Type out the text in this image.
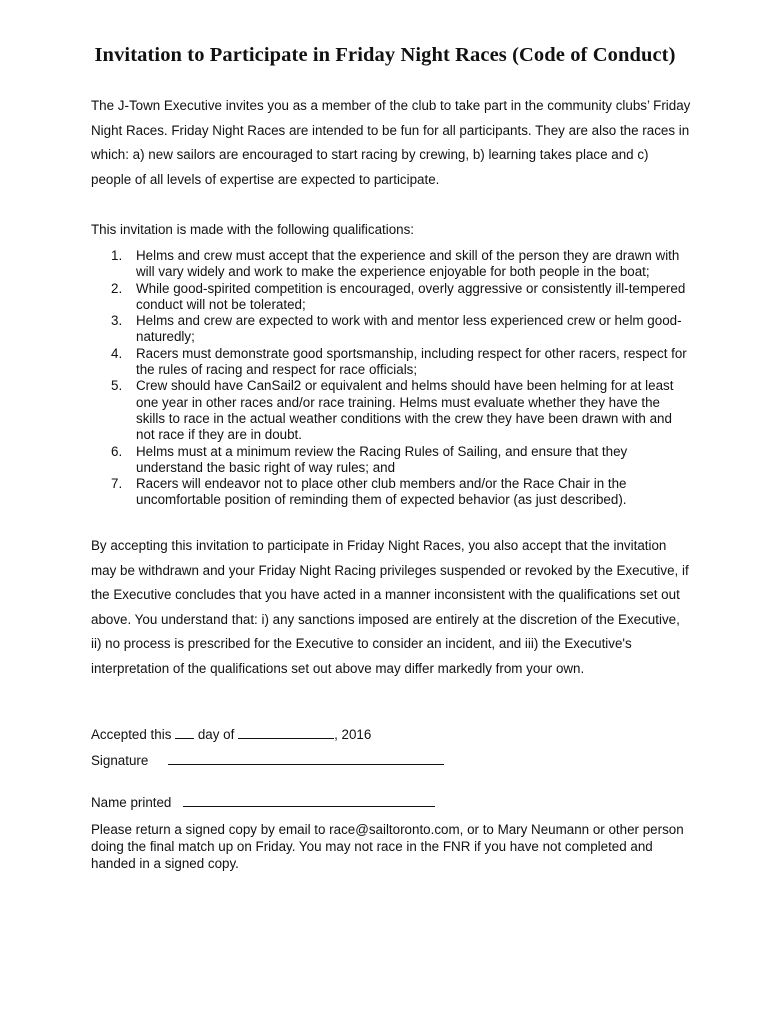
Invitation to Participate in Friday Night Races (Code of Conduct)
The J-Town Executive invites you as a member of the club to take part in the community clubs’ Friday Night Races. Friday Night Races are intended to be fun for all participants. They are also the races in which: a) new sailors are encouraged to start racing by crewing, b) learning takes place and c) people of all levels of expertise are expected to participate.
This invitation is made with the following qualifications:
1. Helms and crew must accept that the experience and skill of the person they are drawn with will vary widely and work to make the experience enjoyable for both people in the boat;
2. While good-spirited competition is encouraged, overly aggressive or consistently ill-tempered conduct will not be tolerated;
3. Helms and crew are expected to work with and mentor less experienced crew or helm good-naturedly;
4. Racers must demonstrate good sportsmanship, including respect for other racers, respect for the rules of racing and respect for race officials;
5. Crew should have CanSail2 or equivalent and helms should have been helming for at least one year in other races and/or race training. Helms must evaluate whether they have the skills to race in the actual weather conditions with the crew they have been drawn with and not race if they are in doubt.
6. Helms must at a minimum review the Racing Rules of Sailing, and ensure that they understand the basic right of way rules; and
7. Racers will endeavor not to place other club members and/or the Race Chair in the uncomfortable position of reminding them of expected behavior (as just described).
By accepting this invitation to participate in Friday Night Races, you also accept that the invitation may be withdrawn and your Friday Night Racing privileges suspended or revoked by the Executive, if the Executive concludes that you have acted in a manner inconsistent with the qualifications set out above. You understand that: i) any sanctions imposed are entirely at the discretion of the Executive, ii) no process is prescribed for the Executive to consider an incident, and iii) the Executive's interpretation of the qualifications set out above may differ markedly from your own.
Accepted this day of	, 2016
Signature
Name printed
Please return a signed copy by email to race@sailtoronto.com, or to Mary Neumann or other person doing the final match up on Friday. You may not race in the FNR if you have not completed and handed in a signed copy.
